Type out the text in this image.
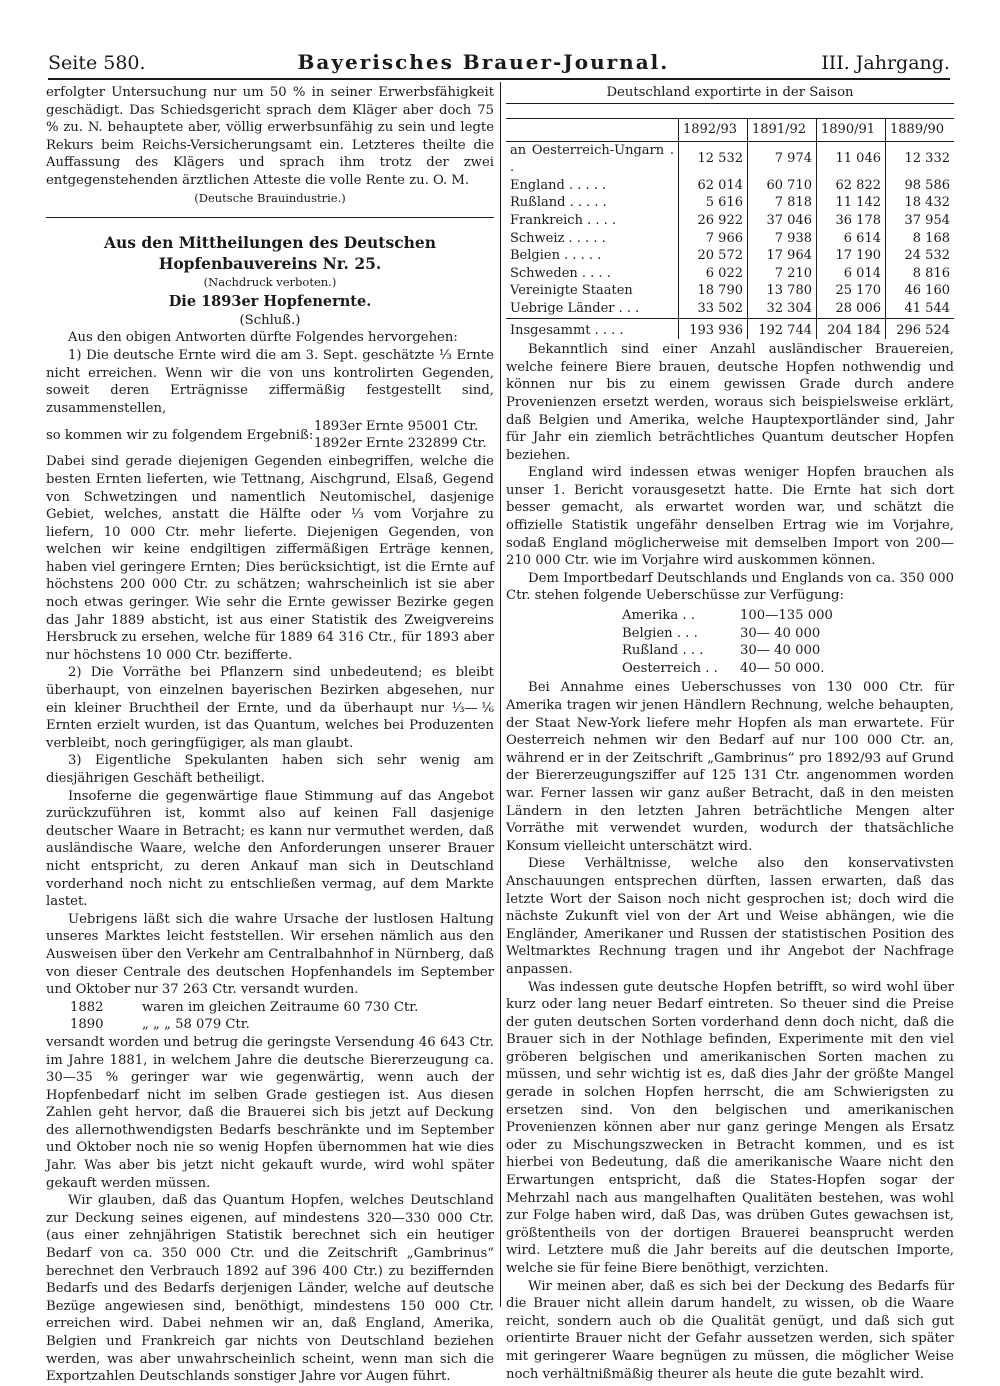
Seite 580.	Bayerisches Brauer-Journal.	III. Jahrgang.

erfolgter Untersuchung nur um 50 % in seiner Erwerbsfähigkeit geschädigt. Das Schiedsgericht sprach dem Kläger aber doch 75 % zu. N. behauptete aber, völlig erwerbsunfähig zu sein und legte Rekurs beim Reichs-Versicherungsamt ein. Letzteres theilte die Auffassung des Klägers und sprach ihm trotz der zwei entgegenstehenden ärztlichen Atteste die volle Rente zu. O. M.

(Deutsche Brauindustrie.)

Aus den Mittheilungen des Deutschen Hopfenbauvereins Nr. 25.

(Nachdruck verboten.)

Die 1893er Hopfenernte.

(Schluß.)

Aus den obigen Antworten dürfte Folgendes hervorgehen:

1) Die deutsche Ernte wird die am 3. Sept. geschätzte ⅓ Ernte nicht erreichen. Wenn wir die von uns kontrolirten Gegenden, soweit deren Erträgnisse ziffermäßig festgestellt sind, zusammenstellen,

so kommen wir zu folgendem Ergebniß:
1893er Ernte 95001 Ctr.
1892er Ernte 232899 Ctr.

Dabei sind gerade diejenigen Gegenden einbegriffen, welche die besten Ernten lieferten, wie Tettnang, Aischgrund, Elsaß, Gegend von Schwetzingen und namentlich Neutomischel, dasjenige Gebiet, welches, anstatt die Hälfte oder ⅓ vom Vorjahre zu liefern, 10 000 Ctr. mehr lieferte. Diejenigen Gegenden, von welchen wir keine endgiltigen ziffermäßigen Erträge kennen, haben viel geringere Ernten; Dies berücksichtigt, ist die Ernte auf höchstens 200 000 Ctr. zu schätzen; wahrscheinlich ist sie aber noch etwas geringer. Wie sehr die Ernte gewisser Bezirke gegen das Jahr 1889 absticht, ist aus einer Statistik des Zweigvereins Hersbruck zu ersehen, welche für 1889 64 316 Ctr., für 1893 aber nur höchstens 10 000 Ctr. bezifferte.

2) Die Vorräthe bei Pflanzern sind unbedeutend; es bleibt überhaupt, von einzelnen bayerischen Bezirken abgesehen, nur ein kleiner Bruchtheil der Ernte, und da überhaupt nur ⅓—⅙ Ernten erzielt wurden, ist das Quantum, welches bei Produzenten verbleibt, noch geringfügiger, als man glaubt.

3) Eigentliche Spekulanten haben sich sehr wenig am diesjährigen Geschäft betheiligt.

Insoferne die gegenwärtige flaue Stimmung auf das Angebot zurückzuführen ist, kommt also auf keinen Fall dasjenige deutscher Waare in Betracht; es kann nur vermuthet werden, daß ausländische Waare, welche den Anforderungen unserer Brauer nicht entspricht, zu deren Ankauf man sich in Deutschland vorderhand noch nicht zu entschließen vermag, auf dem Markte lastet.

Uebrigens läßt sich die wahre Ursache der lustlosen Haltung unseres Marktes leicht feststellen. Wir ersehen nämlich aus den Ausweisen über den Verkehr am Centralbahnhof in Nürnberg, daß von dieser Centrale des deutschen Hopfenhandels im September und Oktober nur 37 263 Ctr. versandt wurden.

1882	waren im gleichen Zeitraume 60 730 Ctr.
1890	„ „ „ 58 079 Ctr.

versandt worden und betrug die geringste Versendung 46 643 Ctr. im Jahre 1881, in welchem Jahre die deutsche Biererzeugung ca. 30—35 % geringer war wie gegenwärtig, wenn auch der Hopfenbedarf nicht im selben Grade gestiegen ist. Aus diesen Zahlen geht hervor, daß die Brauerei sich bis jetzt auf Deckung des allernothwendigsten Bedarfs beschränkte und im September und Oktober noch nie so wenig Hopfen übernommen hat wie dies Jahr. Was aber bis jetzt nicht gekauft wurde, wird wohl später gekauft werden müssen.

Wir glauben, daß das Quantum Hopfen, welches Deutschland zur Deckung seines eigenen, auf mindestens 320—330 000 Ctr. (aus einer zehnjährigen Statistik berechnet sich ein heutiger Bedarf von ca. 350 000 Ctr. und die Zeitschrift „Gambrinus“ berechnet den Verbrauch 1892 auf 396 400 Ctr.) zu beziffernden Bedarfs und des Bedarfs derjenigen Länder, welche auf deutsche Bezüge angewiesen sind, benöthigt, mindestens 150 000 Ctr. erreichen wird. Dabei nehmen wir an, daß England, Amerika, Belgien und Frankreich gar nichts von Deutschland beziehen werden, was aber unwahrscheinlich scheint, wenn man sich die Exportzahlen Deutschlands sonstiger Jahre vor Augen führt.

Deutschland exportirte in der Saison
	1892/93	1891/92	1890/91	1889/90
an Oesterreich-Ungarn . .	12 532	7 974	11 046	12 332
England . . . . .	62 014	60 710	62 822	98 586
Rußland . . . . .	5 616	7 818	11 142	18 432
Frankreich . . . .	26 922	37 046	36 178	37 954
Schweiz . . . . .	7 966	7 938	6 614	8 168
Belgien . . . . .	20 572	17 964	17 190	24 532
Schweden . . . .	6 022	7 210	6 014	8 816
Vereinigte Staaten	18 790	13 780	25 170	46 160
Uebrige Länder . . .	33 502	32 304	28 006	41 544
Insgesammt . . . .	193 936	192 744	204 184	296 524

Bekanntlich sind einer Anzahl ausländischer Brauereien, welche feinere Biere brauen, deutsche Hopfen nothwendig und können nur bis zu einem gewissen Grade durch andere Provenienzen ersetzt werden, woraus sich beispielsweise erklärt, daß Belgien und Amerika, welche Hauptexportländer sind, Jahr für Jahr ein ziemlich beträchtliches Quantum deutscher Hopfen beziehen.

England wird indessen etwas weniger Hopfen brauchen als unser 1. Bericht vorausgesetzt hatte. Die Ernte hat sich dort besser gemacht, als erwartet worden war, und schätzt die offizielle Statistik ungefähr denselben Ertrag wie im Vorjahre, sodaß England möglicherweise mit demselben Import von 200—210 000 Ctr. wie im Vorjahre wird auskommen können.

Dem Importbedarf Deutschlands und Englands von ca. 350 000 Ctr. stehen folgende Ueberschüsse zur Verfügung:

Amerika . .	100—135 000
Belgien . . .	30— 40 000
Rußland . . .	30— 40 000
Oesterreich . .	40— 50 000.

Bei Annahme eines Ueberschusses von 130 000 Ctr. für Amerika tragen wir jenen Händlern Rechnung, welche behaupten, der Staat New-York liefere mehr Hopfen als man erwartete. Für Oesterreich nehmen wir den Bedarf auf nur 100 000 Ctr. an, während er in der Zeitschrift „Gambrinus“ pro 1892/93 auf Grund der Biererzeugungsziffer auf 125 131 Ctr. angenommen worden war. Ferner lassen wir ganz außer Betracht, daß in den meisten Ländern in den letzten Jahren beträchtliche Mengen alter Vorräthe mit verwendet wurden, wodurch der thatsächliche Konsum vielleicht unterschätzt wird.

Diese Verhältnisse, welche also den konservativsten Anschauungen entsprechen dürften, lassen erwarten, daß das letzte Wort der Saison noch nicht gesprochen ist; doch wird die nächste Zukunft viel von der Art und Weise abhängen, wie die Engländer, Amerikaner und Russen der statistischen Position des Weltmarktes Rechnung tragen und ihr Angebot der Nachfrage anpassen.

Was indessen gute deutsche Hopfen betrifft, so wird wohl über kurz oder lang neuer Bedarf eintreten. So theuer sind die Preise der guten deutschen Sorten vorderhand denn doch nicht, daß die Brauer sich in der Nothlage befinden, Experimente mit den viel gröberen belgischen und amerikanischen Sorten machen zu müssen, und sehr wichtig ist es, daß dies Jahr der größte Mangel gerade in solchen Hopfen herrscht, die am Schwierigsten zu ersetzen sind. Von den belgischen und amerikanischen Provenienzen können aber nur ganz geringe Mengen als Ersatz oder zu Mischungszwecken in Betracht kommen, und es ist hierbei von Bedeutung, daß die amerikanische Waare nicht den Erwartungen entspricht, daß die States-Hopfen sogar der Mehrzahl nach aus mangelhaften Qualitäten bestehen, was wohl zur Folge haben wird, daß Das, was drüben Gutes gewachsen ist, größtentheils von der dortigen Brauerei beansprucht werden wird. Letztere muß die Jahr bereits auf die deutschen Importe, welche sie für feine Biere benöthigt, verzichten.

Wir meinen aber, daß es sich bei der Deckung des Bedarfs für die Brauer nicht allein darum handelt, zu wissen, ob die Waare reicht, sondern auch ob die Qualität genügt, und daß sich gut orientirte Brauer nicht der Gefahr aussetzen werden, sich später mit geringerer Waare begnügen zu müssen, die möglicher Weise noch verhältnißmäßig theurer als heute die gute bezahlt wird.
